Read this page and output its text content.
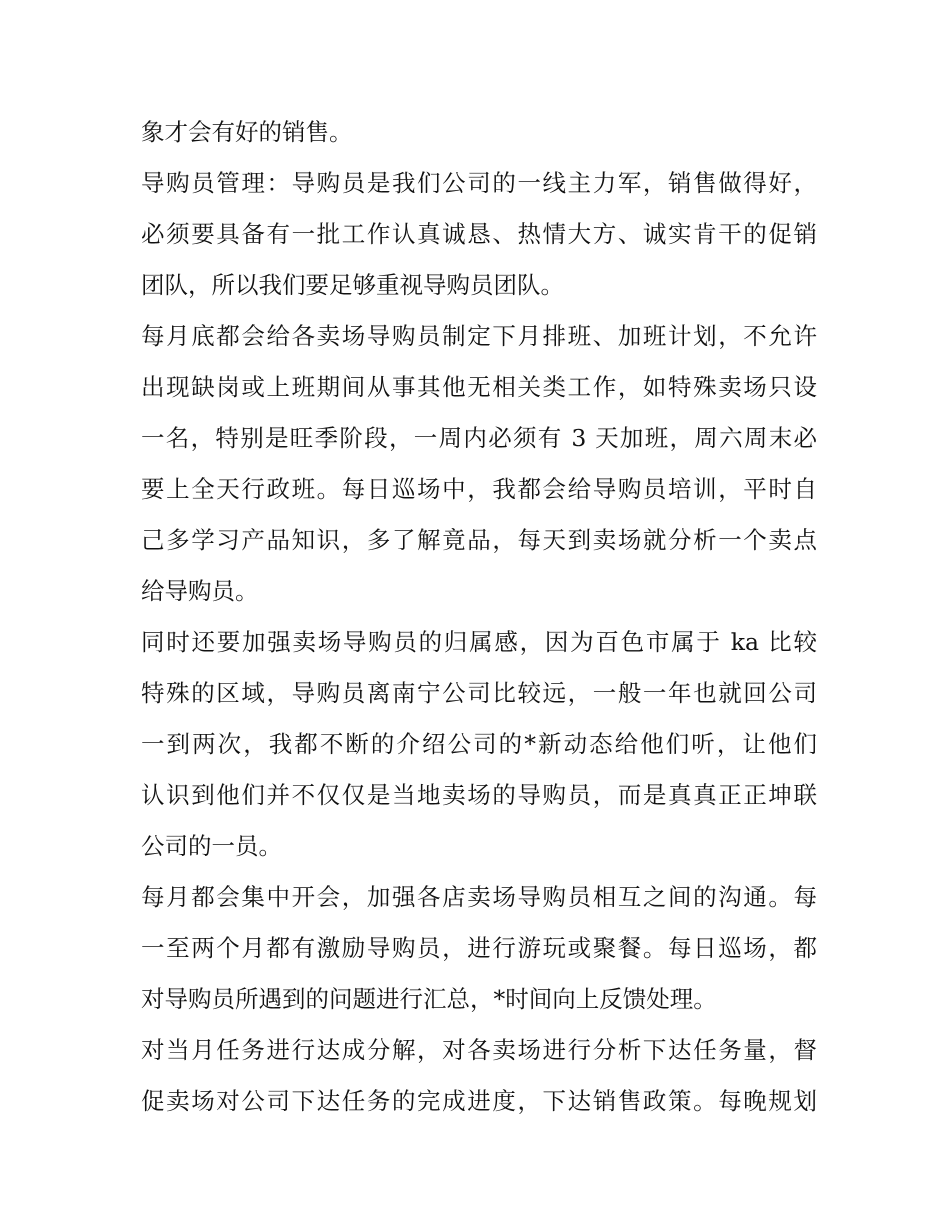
象才会有好的销售。
导购员管理：导购员是我们公司的一线主力军，销售做得好，
必须要具备有一批工作认真诚恳、热情大方、诚实肯干的促销
团队，所以我们要足够重视导购员团队。
每月底都会给各卖场导购员制定下月排班、加班计划，不允许
出现缺岗或上班期间从事其他无相关类工作，如特殊卖场只设
一名，特别是旺季阶段，一周内必须有 3 天加班，周六周末必
要上全天行政班。每日巡场中，我都会给导购员培训，平时自
己多学习产品知识，多了解竟品，每天到卖场就分析一个卖点
给导购员。
同时还要加强卖场导购员的归属感，因为百色市属于 ka 比较
特殊的区域，导购员离南宁公司比较远，一般一年也就回公司
一到两次，我都不断的介绍公司的*新动态给他们听，让他们
认识到他们并不仅仅是当地卖场的导购员，而是真真正正坤联
公司的一员。
每月都会集中开会，加强各店卖场导购员相互之间的沟通。每
一至两个月都有激励导购员，进行游玩或聚餐。每日巡场，都
对导购员所遇到的问题进行汇总，*时间向上反馈处理。
对当月任务进行达成分解，对各卖场进行分析下达任务量，督
促卖场对公司下达任务的完成进度，下达销售政策。每晚规划
